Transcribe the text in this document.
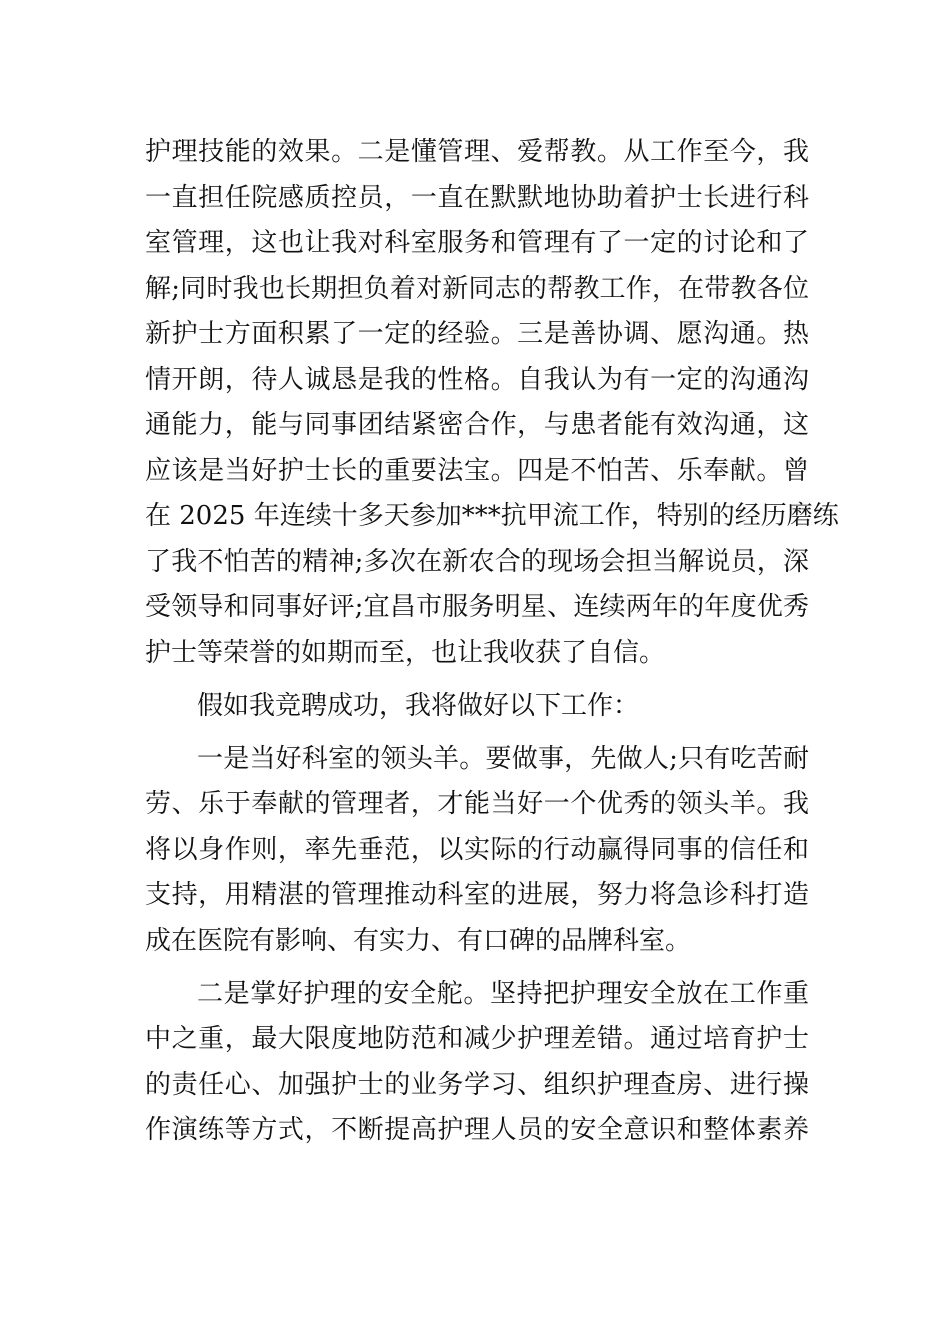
护理技能的效果。二是懂管理、爱帮教。从工作至今，我
一直担任院感质控员，一直在默默地协助着护士长进行科
室管理，这也让我对科室服务和管理有了一定的讨论和了
解;同时我也长期担负着对新同志的帮教工作，在带教各位
新护士方面积累了一定的经验。三是善协调、愿沟通。热
情开朗，待人诚恳是我的性格。自我认为有一定的沟通沟
通能力，能与同事团结紧密合作，与患者能有效沟通，这
应该是当好护士长的重要法宝。四是不怕苦、乐奉献。曾
在 2025 年连续十多天参加***抗甲流工作，特别的经历磨练
了我不怕苦的精神;多次在新农合的现场会担当解说员，深
受领导和同事好评;宜昌市服务明星、连续两年的年度优秀
护士等荣誉的如期而至，也让我收获了自信。
假如我竞聘成功，我将做好以下工作：
一是当好科室的领头羊。要做事，先做人;只有吃苦耐
劳、乐于奉献的管理者，才能当好一个优秀的领头羊。我
将以身作则，率先垂范，以实际的行动赢得同事的信任和
支持，用精湛的管理推动科室的进展，努力将急诊科打造
成在医院有影响、有实力、有口碑的品牌科室。
二是掌好护理的安全舵。坚持把护理安全放在工作重
中之重，最大限度地防范和减少护理差错。通过培育护士
的责任心、加强护士的业务学习、组织护理查房、进行操
作演练等方式，不断提高护理人员的安全意识和整体素养
